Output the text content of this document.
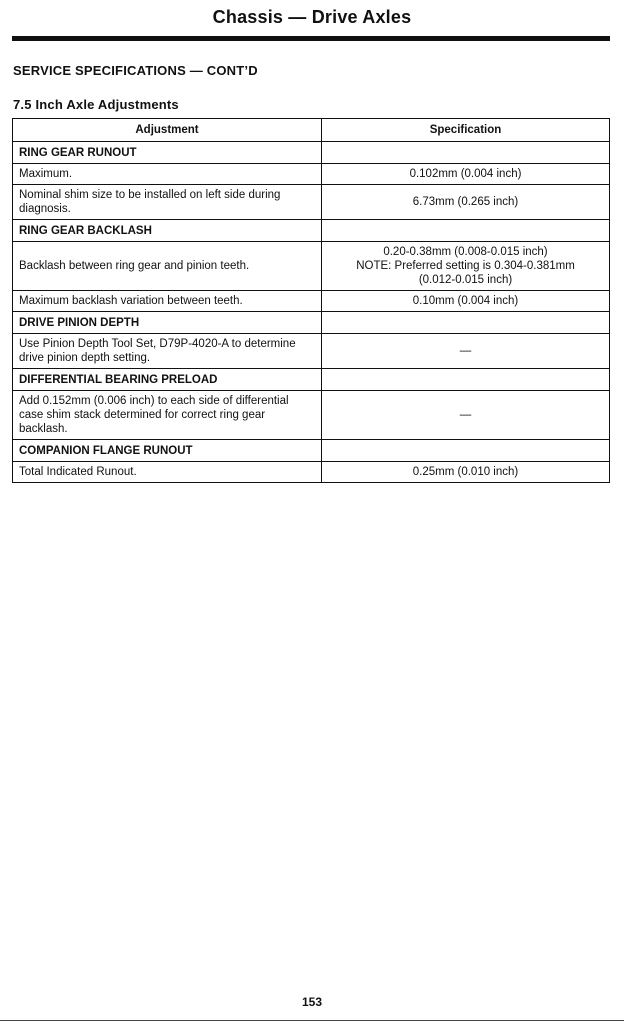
Chassis — Drive Axles
SERVICE SPECIFICATIONS — CONT’D
7.5 Inch Axle Adjustments
Adjustment	Specification
RING GEAR RUNOUT	
Maximum.	0.102mm (0.004 inch)
Nominal shim size to be installed on left side during diagnosis.	6.73mm (0.265 inch)
RING GEAR BACKLASH	
Backlash between ring gear and pinion teeth.	0.20-0.38mm (0.008-0.015 inch)
NOTE: Preferred setting is 0.304-0.381mm
(0.012-0.015 inch)
Maximum backlash variation between teeth.	0.10mm (0.004 inch)
DRIVE PINION DEPTH	
Use Pinion Depth Tool Set, D79P-4020-A to determine drive pinion depth setting.	—
DIFFERENTIAL BEARING PRELOAD	
Add 0.152mm (0.006 inch) to each side of differential case shim stack determined for correct ring gear backlash.	—
COMPANION FLANGE RUNOUT	
Total Indicated Runout.	0.25mm (0.010 inch)
153
